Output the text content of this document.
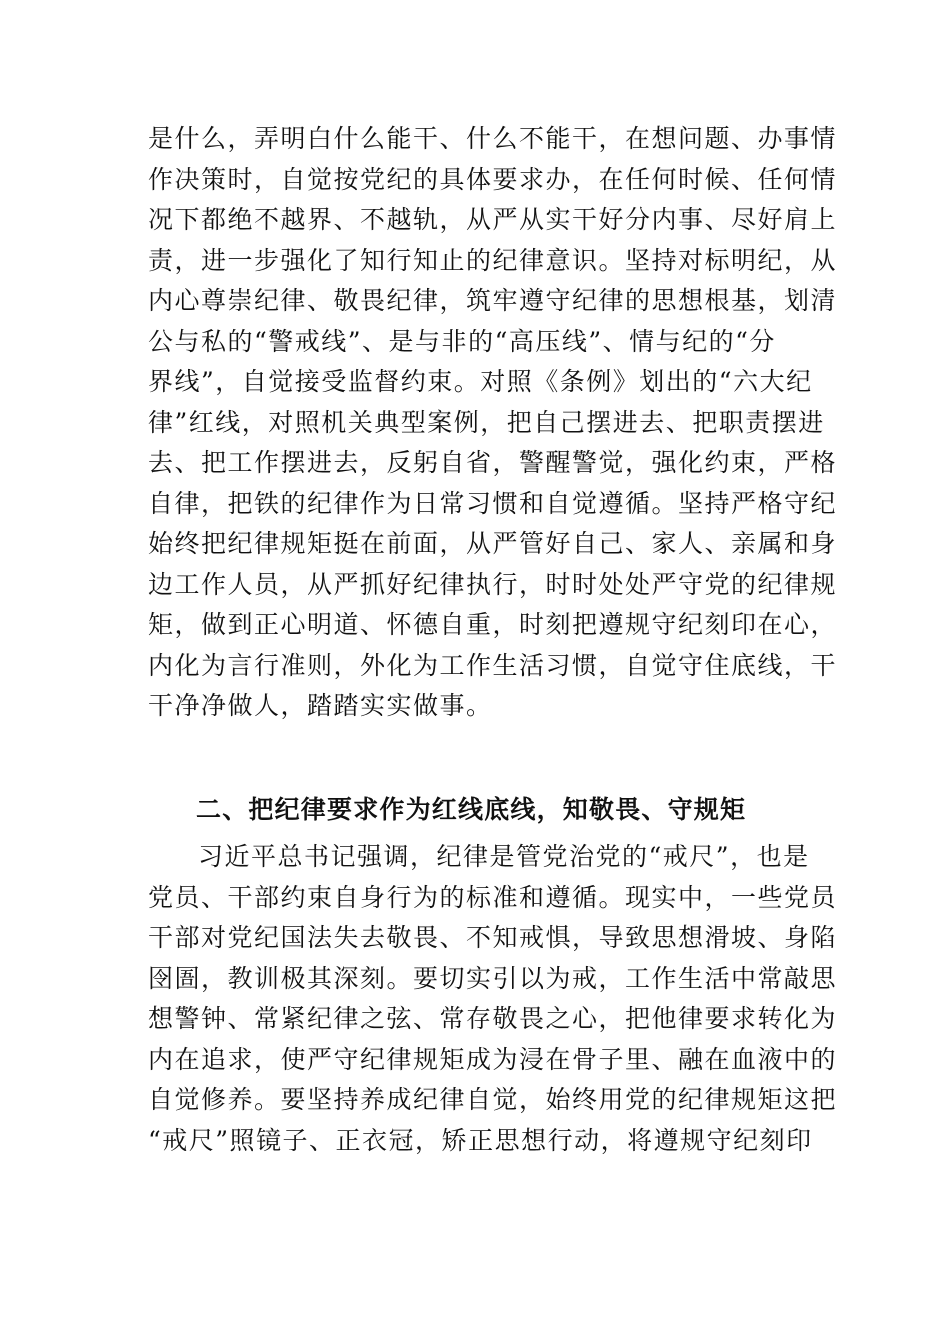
是什么，弄明白什么能干、什么不能干，在想问题、办事情
作决策时，自觉按党纪的具体要求办，在任何时候、任何情
况下都绝不越界、不越轨，从严从实干好分内事、尽好肩上
责，进一步强化了知行知止的纪律意识。坚持对标明纪，从
内心尊崇纪律、敬畏纪律，筑牢遵守纪律的思想根基，划清
公与私的“警戒线”、是与非的“高压线”、情与纪的“分
界线”，自觉接受监督约束。对照《条例》划出的“六大纪
律”红线，对照机关典型案例，把自己摆进去、把职责摆进
去、把工作摆进去，反躬自省，警醒警觉，强化约束，严格
自律，把铁的纪律作为日常习惯和自觉遵循。坚持严格守纪
始终把纪律规矩挺在前面，从严管好自己、家人、亲属和身
边工作人员，从严抓好纪律执行，时时处处严守党的纪律规
矩，做到正心明道、怀德自重，时刻把遵规守纪刻印在心，
内化为言行准则，外化为工作生活习惯，自觉守住底线，干
干净净做人，踏踏实实做事。
二、把纪律要求作为红线底线，知敬畏、守规矩
习近平总书记强调，纪律是管党治党的“戒尺”，也是
党员、干部约束自身行为的标准和遵循。现实中，一些党员
干部对党纪国法失去敬畏、不知戒惧，导致思想滑坡、身陷
囹圄，教训极其深刻。要切实引以为戒，工作生活中常敲思
想警钟、常紧纪律之弦、常存敬畏之心，把他律要求转化为
内在追求，使严守纪律规矩成为浸在骨子里、融在血液中的
自觉修养。要坚持养成纪律自觉，始终用党的纪律规矩这把
“戒尺”照镜子、正衣冠，矫正思想行动，将遵规守纪刻印
